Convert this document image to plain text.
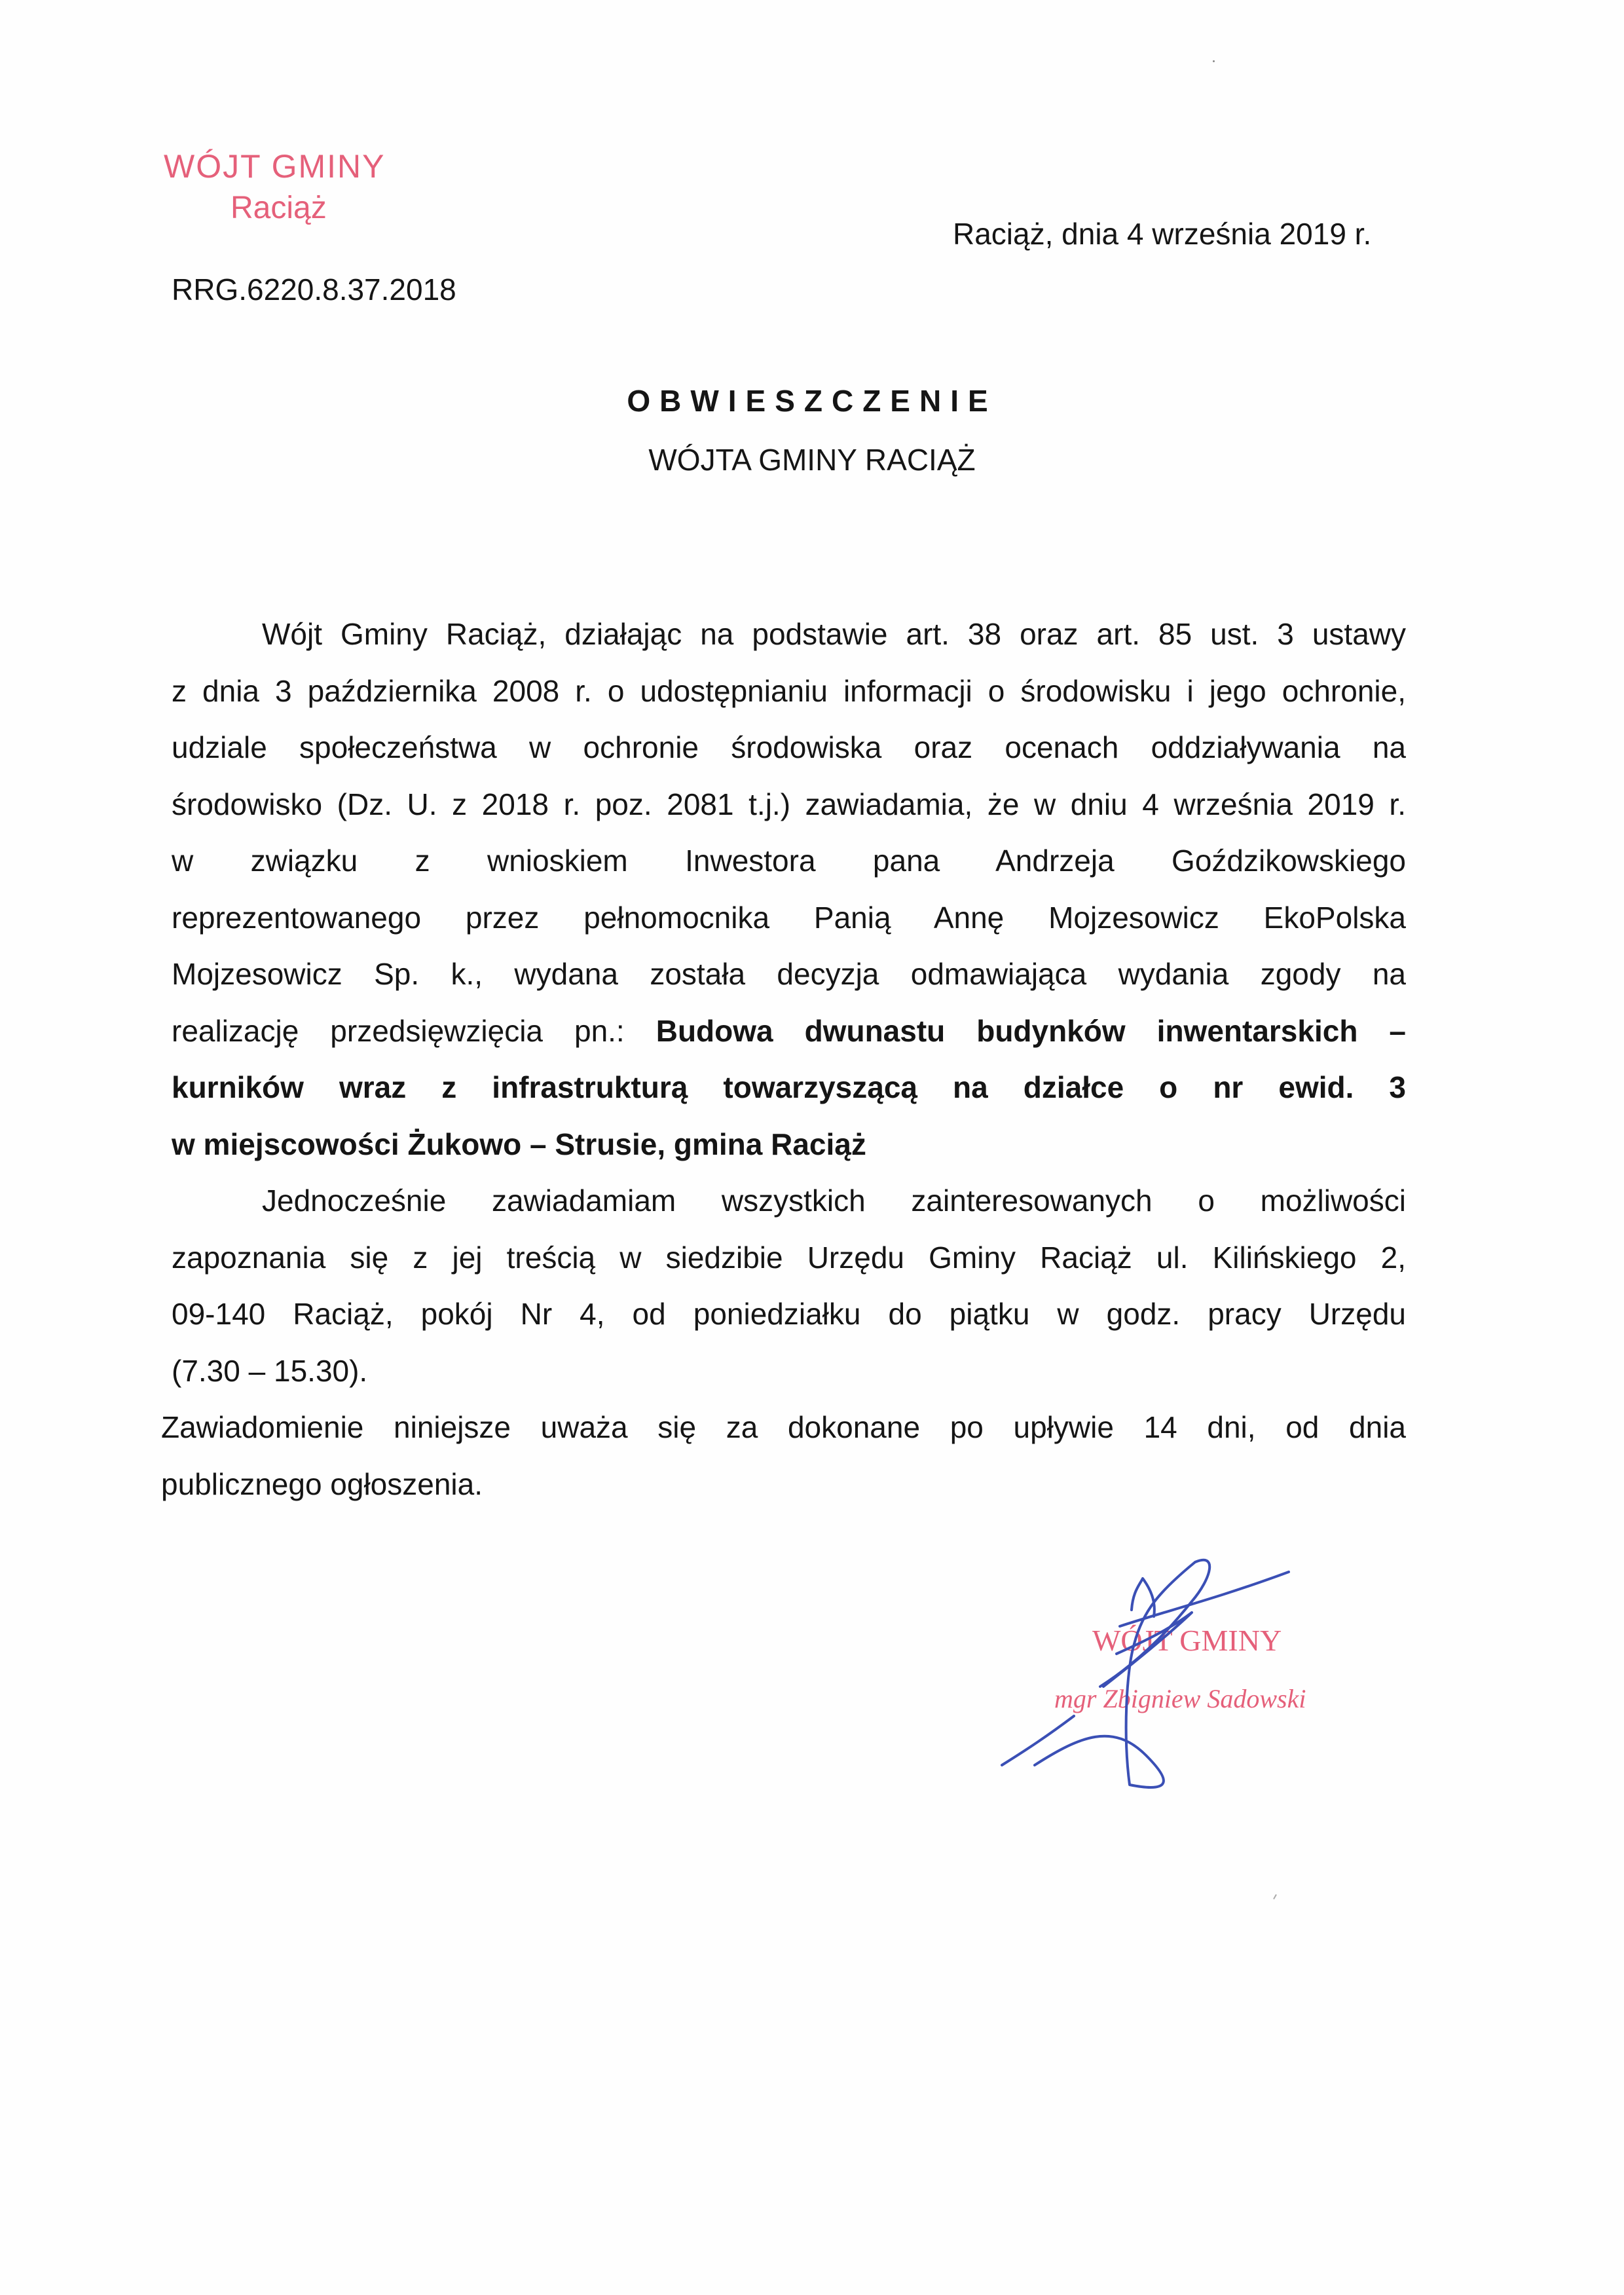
WÓJT GMINY
Raciąż
Raciąż, dnia 4 września 2019 r.
RRG.6220.8.37.2018
OBWIESZCZENIE
WÓJTA GMINY RACIĄŻ
Wójt Gminy Raciąż, działając na podstawie art. 38 oraz art. 85 ust. 3 ustawy
z dnia 3 października 2008 r. o udostępnianiu informacji o środowisku i jego ochronie,
udziale społeczeństwa w ochronie środowiska oraz ocenach oddziaływania na
środowisko (Dz. U. z 2018 r. poz. 2081 t.j.) zawiadamia, że w dniu 4 września 2019 r.
w związku z wnioskiem Inwestora pana Andrzeja Goździkowskiego
reprezentowanego przez pełnomocnika Panią Annę Mojzesowicz EkoPolska
Mojzesowicz Sp. k., wydana została decyzja odmawiająca wydania zgody na
realizację przedsięwzięcia pn.: Budowa dwunastu budynków inwentarskich –
kurników wraz z infrastrukturą towarzyszącą na działce o nr ewid. 3
w miejscowości Żukowo – Strusie, gmina Raciąż
Jednocześnie zawiadamiam wszystkich zainteresowanych o możliwości
zapoznania się z jej treścią w siedzibie Urzędu Gminy Raciąż ul. Kilińskiego 2,
09-140 Raciąż, pokój Nr 4, od poniedziałku do piątku w godz. pracy Urzędu
(7.30 – 15.30).
Zawiadomienie niniejsze uważa się za dokonane po upływie 14 dni, od dnia
publicznego ogłoszenia.
WÓJT GMINY
mgr Zbigniew Sadowski
